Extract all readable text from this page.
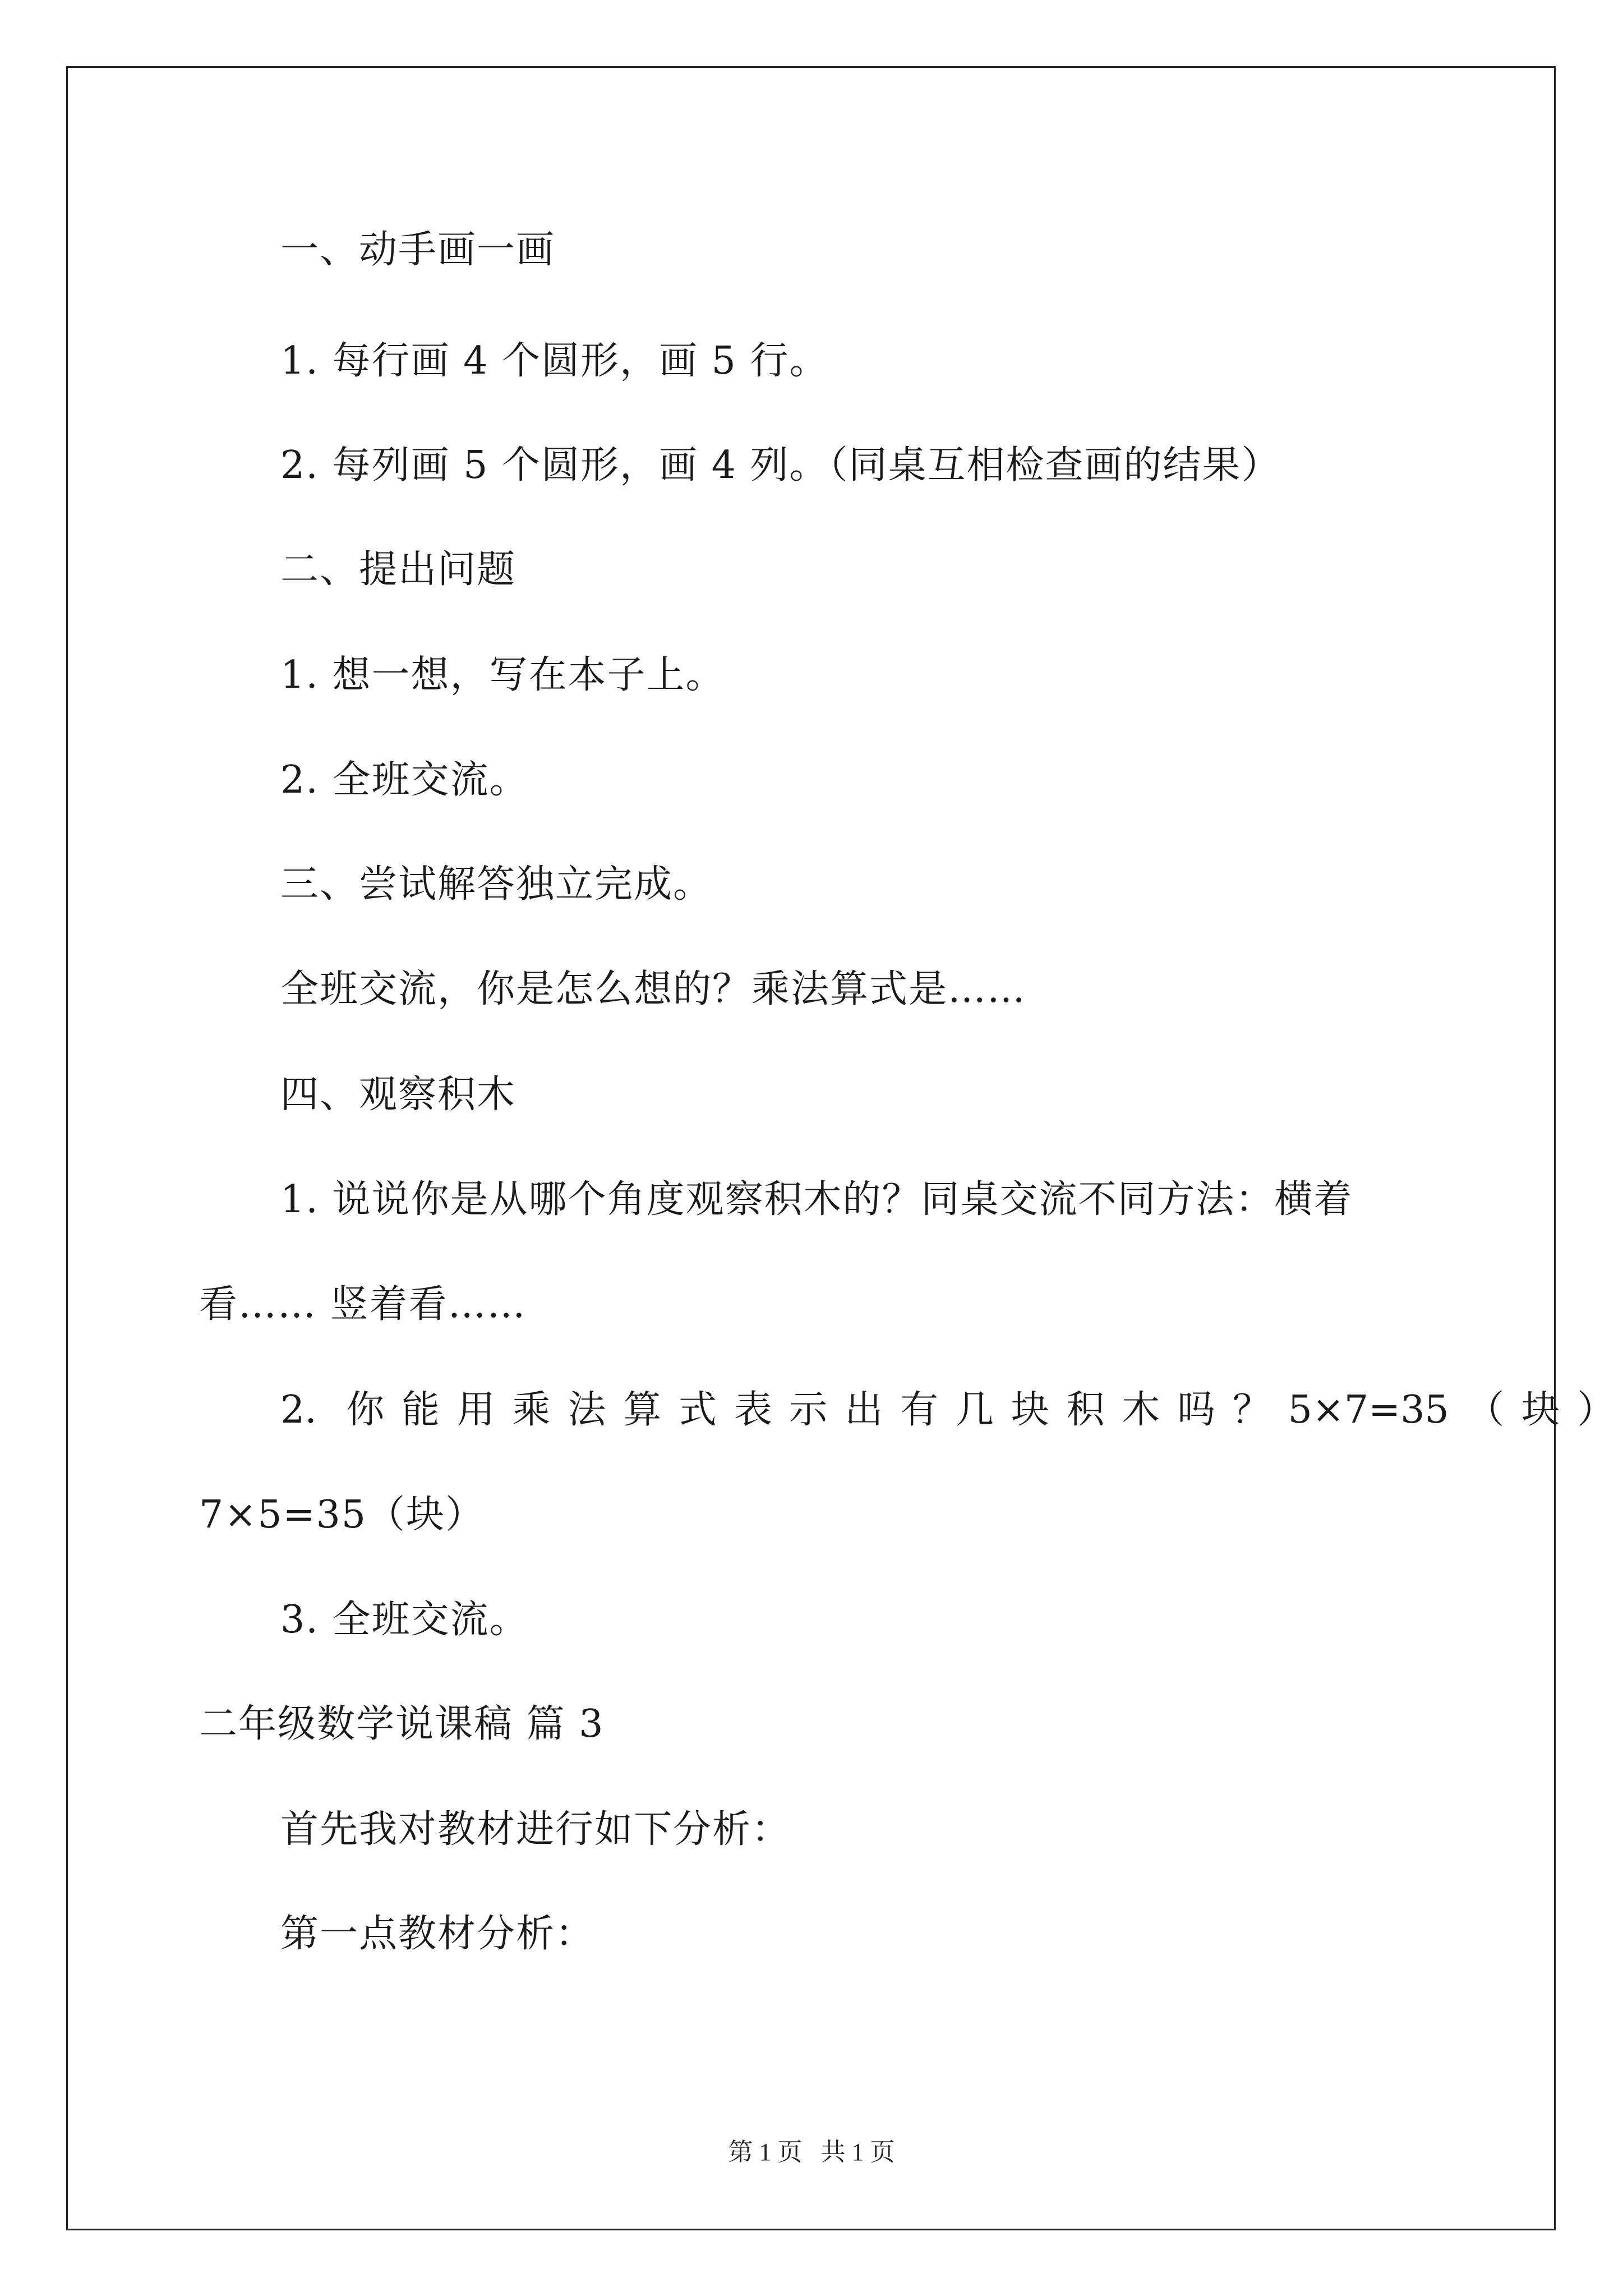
一、动手画一画
1. 每行画 4 个圆形，画 5 行。
2. 每列画 5 个圆形，画 4 列。（同桌互相检查画的结果）
二、提出问题
1. 想一想，写在本子上。
2. 全班交流。
三、尝试解答独立完成。
全班交流，你是怎么想的？乘法算式是……
四、观察积木
1. 说说你是从哪个角度观察积木的？同桌交流不同方法：横着
看…… 竖着看……
2. 你能用乘法算式表示出有几块积木吗？5×7=35（块）
7×5=35（块）
3. 全班交流。
二年级数学说课稿 篇 3
首先我对教材进行如下分析：
第一点教材分析：
第 1 页   共 1 页
